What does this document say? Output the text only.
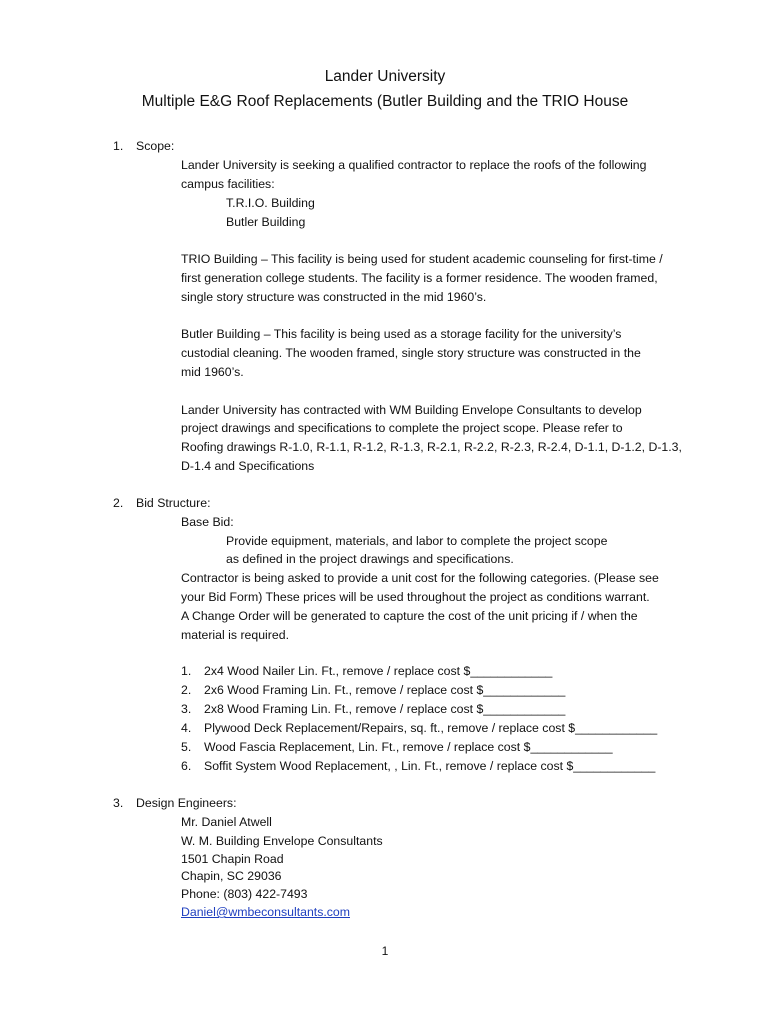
Lander University
Multiple E&G Roof Replacements (Butler Building and the TRIO House
1. Scope:
Lander University is seeking a qualified contractor to replace the roofs of the following
campus facilities:
T.R.I.O. Building
Butler Building
TRIO Building – This facility is being used for student academic counseling for first-time /
first generation college students. The facility is a former residence. The wooden framed,
single story structure was constructed in the mid 1960’s.
Butler Building – This facility is being used as a storage facility for the university’s
custodial cleaning. The wooden framed, single story structure was constructed in the
mid 1960’s.
Lander University has contracted with WM Building Envelope Consultants to develop
project drawings and specifications to complete the project scope. Please refer to
Roofing drawings R-1.0, R-1.1, R-1.2, R-1.3, R-2.1, R-2.2, R-2.3, R-2.4, D-1.1, D-1.2, D-1.3,
D-1.4 and Specifications
2. Bid Structure:
Base Bid:
Provide equipment, materials, and labor to complete the project scope
as defined in the project drawings and specifications.
Contractor is being asked to provide a unit cost for the following categories. (Please see
your Bid Form) These prices will be used throughout the project as conditions warrant.
A Change Order will be generated to capture the cost of the unit pricing if / when the
material is required.
1. 2x4 Wood Nailer Lin. Ft., remove / replace cost $____________
2. 2x6 Wood Framing Lin. Ft., remove / replace cost $____________
3. 2x8 Wood Framing Lin. Ft., remove / replace cost $____________
4. Plywood Deck Replacement/Repairs, sq. ft., remove / replace cost $____________
5. Wood Fascia Replacement, Lin. Ft., remove / replace cost $____________
6. Soffit System Wood Replacement, , Lin. Ft., remove / replace cost $____________
3. Design Engineers:
Mr. Daniel Atwell
W. M. Building Envelope Consultants
1501 Chapin Road
Chapin, SC 29036
Phone: (803) 422-7493
Daniel@wmbeconsultants.com
1
